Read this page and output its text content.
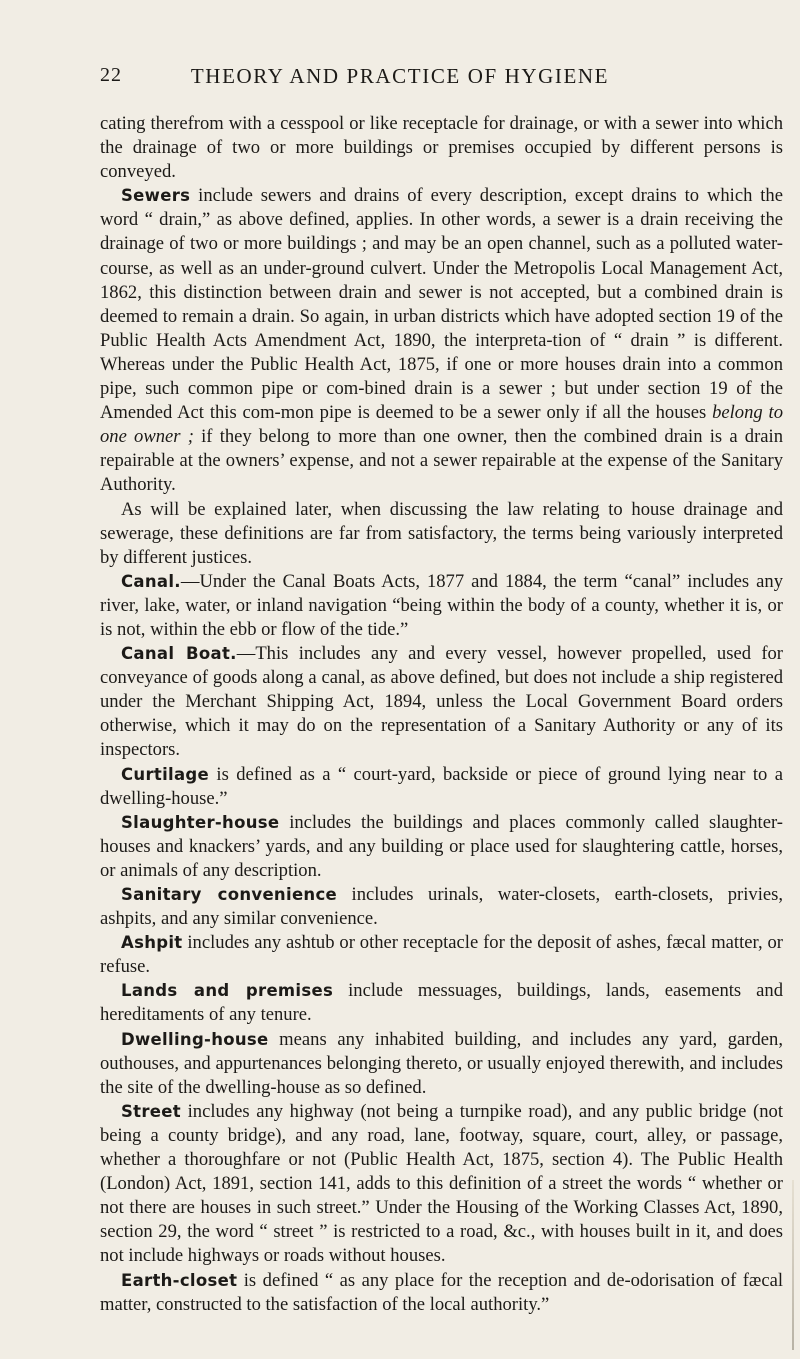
22	THEORY AND PRACTICE OF HYGIENE

cating therefrom with a cesspool or like receptacle for drainage, or with a sewer into which the drainage of two or more buildings or premises occupied by different persons is conveyed.

Sewers include sewers and drains of every description, except drains to which the word “ drain,” as above defined, applies. In other words, a sewer is a drain receiving the drainage of two or more buildings ; and may be an open channel, such as a polluted water-course, as well as an under-ground culvert. Under the Metropolis Local Management Act, 1862, this distinction between drain and sewer is not accepted, but a combined drain is deemed to remain a drain. So again, in urban districts which have adopted section 19 of the Public Health Acts Amendment Act, 1890, the interpreta-tion of “ drain ” is different. Whereas under the Public Health Act, 1875, if one or more houses drain into a common pipe, such common pipe or com-bined drain is a sewer ; but under section 19 of the Amended Act this com-mon pipe is deemed to be a sewer only if all the houses belong to one owner ; if they belong to more than one owner, then the combined drain is a drain repairable at the owners’ expense, and not a sewer repairable at the expense of the Sanitary Authority.

As will be explained later, when discussing the law relating to house drainage and sewerage, these definitions are far from satisfactory, the terms being variously interpreted by different justices.

Canal.—Under the Canal Boats Acts, 1877 and 1884, the term “canal” includes any river, lake, water, or inland navigation “being within the body of a county, whether it is, or is not, within the ebb or flow of the tide.”

Canal Boat.—This includes any and every vessel, however propelled, used for conveyance of goods along a canal, as above defined, but does not include a ship registered under the Merchant Shipping Act, 1894, unless the Local Government Board orders otherwise, which it may do on the representation of a Sanitary Authority or any of its inspectors.

Curtilage is defined as a “ court-yard, backside or piece of ground lying near to a dwelling-house.”

Slaughter-house includes the buildings and places commonly called slaughter-houses and knackers’ yards, and any building or place used for slaughtering cattle, horses, or animals of any description.

Sanitary convenience includes urinals, water-closets, earth-closets, privies, ashpits, and any similar convenience.

Ashpit includes any ashtub or other receptacle for the deposit of ashes, fæcal matter, or refuse.

Lands and premises include messuages, buildings, lands, easements and hereditaments of any tenure.

Dwelling-house means any inhabited building, and includes any yard, garden, outhouses, and appurtenances belonging thereto, or usually enjoyed therewith, and includes the site of the dwelling-house as so defined.

Street includes any highway (not being a turnpike road), and any public bridge (not being a county bridge), and any road, lane, footway, square, court, alley, or passage, whether a thoroughfare or not (Public Health Act, 1875, section 4). The Public Health (London) Act, 1891, section 141, adds to this definition of a street the words “ whether or not there are houses in such street.” Under the Housing of the Working Classes Act, 1890, section 29, the word “ street ” is restricted to a road, &c., with houses built in it, and does not include highways or roads without houses.

Earth-closet is defined “ as any place for the reception and de-odorisation of fæcal matter, constructed to the satisfaction of the local authority.”
